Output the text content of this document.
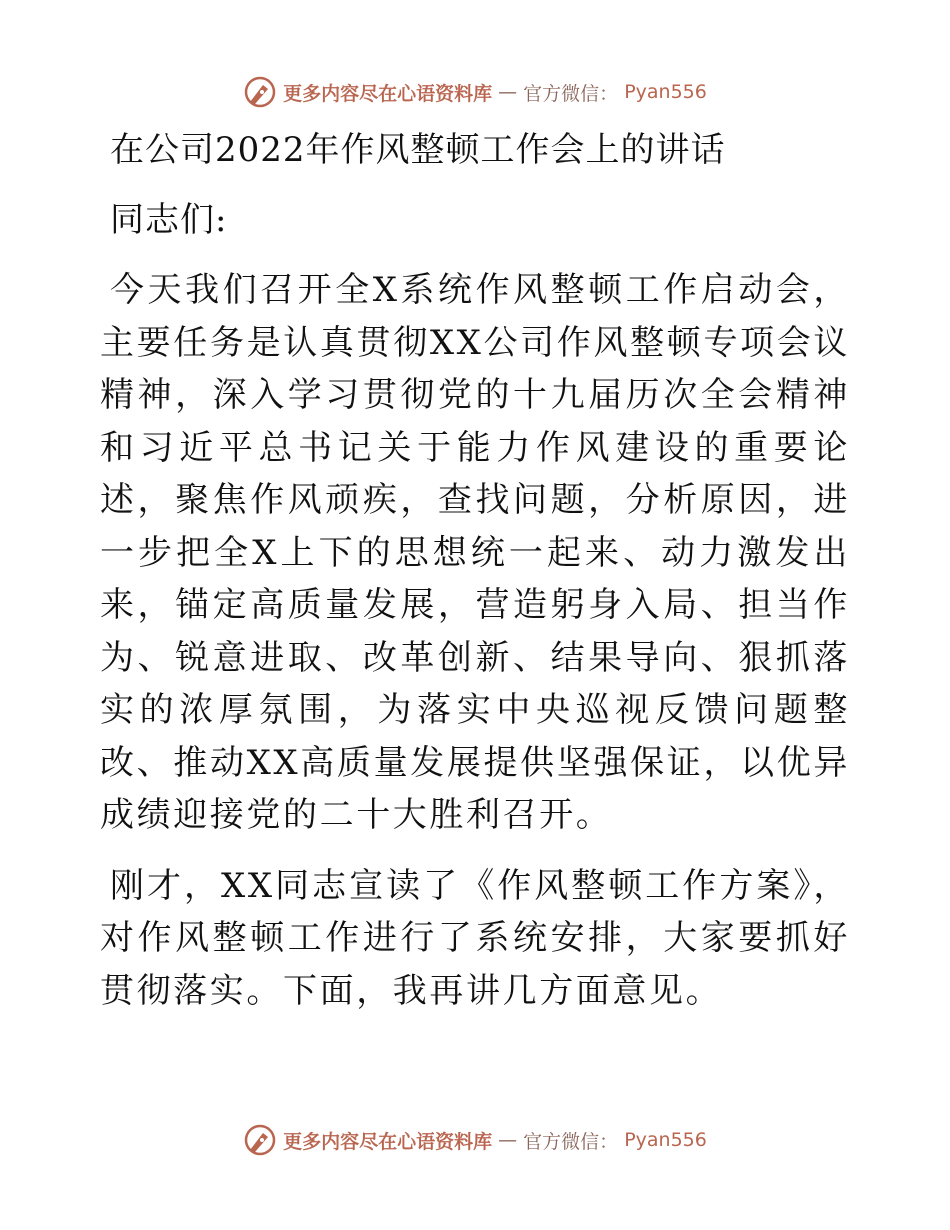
更多内容尽在心语资料库 — 官方微信： Pyan556
在公司2022年作风整顿工作会上的讲话
同志们:

今天我们召开全X系统作风整顿工作启动会，主要任务是认真贯彻XX公司作风整顿专项会议精神，深入学习贯彻党的十九届历次全会精神和习近平总书记关于能力作风建设的重要论述，聚焦作风顽疾，查找问题，分析原因，进一步把全X上下的思想统一起来、动力激发出来，锚定高质量发展，营造躬身入局、担当作为、锐意进取、改革创新、结果导向、狠抓落实的浓厚氛围，为落实中央巡视反馈问题整改、推动XX高质量发展提供坚强保证，以优异成绩迎接党的二十大胜利召开。

刚才，XX同志宣读了《作风整顿工作方案》，对作风整顿工作进行了系统安排，大家要抓好贯彻落实。下面，我再讲几方面意见。

更多内容尽在心语资料库 — 官方微信： Pyan556
